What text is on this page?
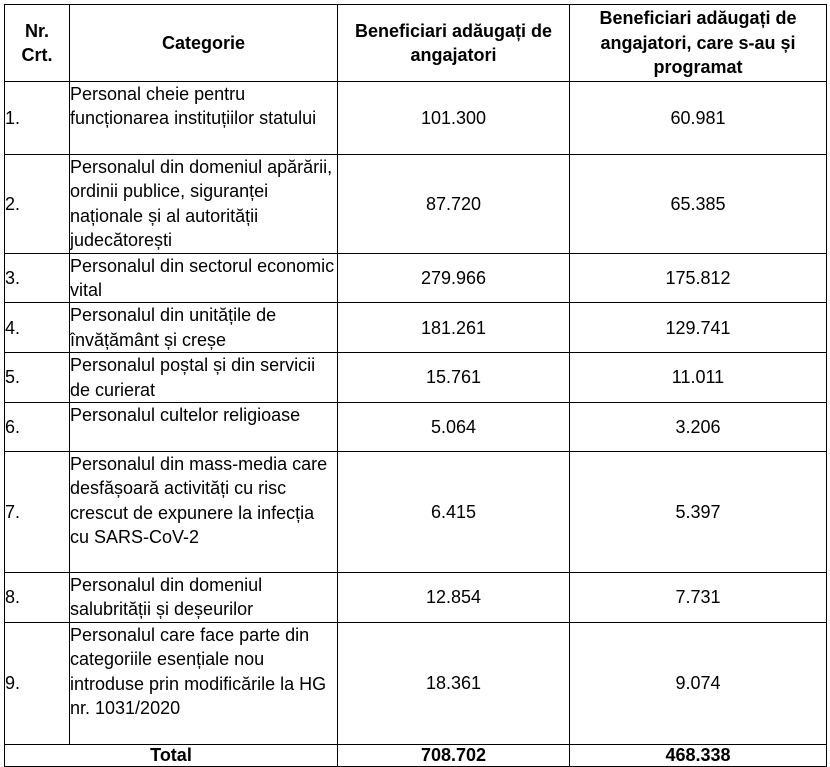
Nr. Crt.	Categorie	Beneficiari adăugați de angajatori	Beneficiari adăugați de angajatori, care s-au și programat
1.	Personal cheie pentru funcționarea instituțiilor statului	101.300	60.981
2.	Personalul din domeniul apărării, ordinii publice, siguranței naționale și al autorității judecătorești	87.720	65.385
3.	Personalul din sectorul economic vital	279.966	175.812
4.	Personalul din unitățile de învățământ și creșe	181.261	129.741
5.	Personalul poștal și din servicii de curierat	15.761	11.011
6.	Personalul cultelor religioase	5.064	3.206
7.	Personalul din mass-media care desfășoară activități cu risc crescut de expunere la infecția cu SARS-CoV-2	6.415	5.397
8.	Personalul din domeniul salubrității și deșeurilor	12.854	7.731
9.	Personalul care face parte din categoriile esențiale nou introduse prin modificările la HG nr. 1031/2020	18.361	9.074
Total		708.702	468.338
